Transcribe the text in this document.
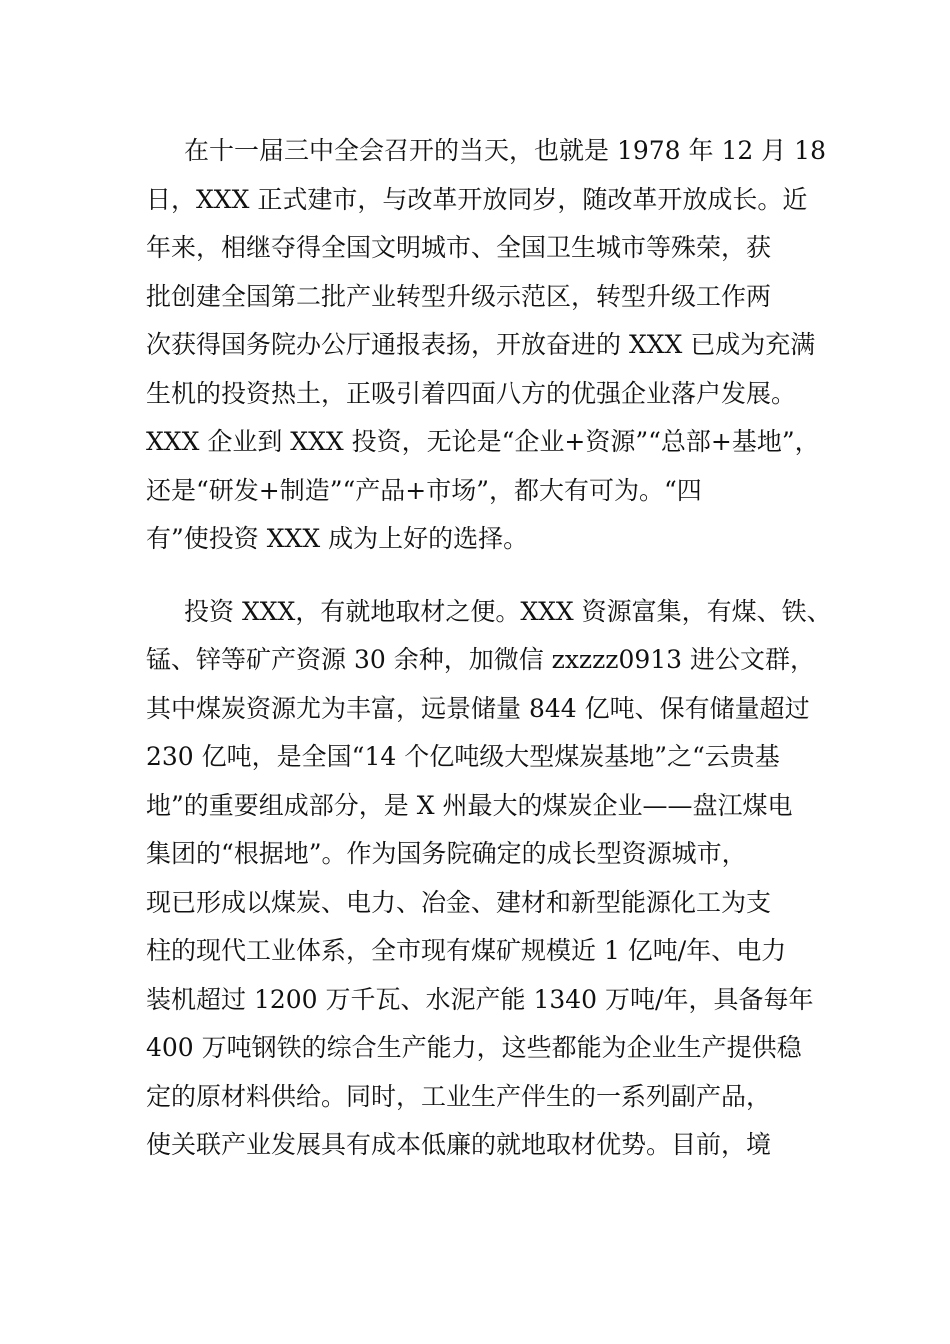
在十一届三中全会召开的当天，也就是 1978 年 12 月 18

日，XXX 正式建市，与改革开放同岁，随改革开放成长。近

年来，相继夺得全国文明城市、全国卫生城市等殊荣，获

批创建全国第二批产业转型升级示范区，转型升级工作两

次获得国务院办公厅通报表扬，开放奋进的 XXX 已成为充满

生机的投资热土，正吸引着四面八方的优强企业落户发展。

XXX 企业到 XXX 投资，无论是“企业+资源”“总部+基地”，

还是“研发+制造”“产品+市场”，都大有可为。“四

有”使投资 XXX 成为上好的选择。

投资 XXX，有就地取材之便。XXX 资源富集，有煤、铁、

锰、锌等矿产资源 30 余种，加微信 zxzzz0913 进公文群，

其中煤炭资源尤为丰富，远景储量 844 亿吨、保有储量超过

230 亿吨，是全国“14 个亿吨级大型煤炭基地”之“云贵基

地”的重要组成部分，是 X 州最大的煤炭企业——盘江煤电

集团的“根据地”。作为国务院确定的成长型资源城市，

现已形成以煤炭、电力、冶金、建材和新型能源化工为支

柱的现代工业体系，全市现有煤矿规模近 1 亿吨/年、电力

装机超过 1200 万千瓦、水泥产能 1340 万吨/年，具备每年

400 万吨钢铁的综合生产能力，这些都能为企业生产提供稳

定的原材料供给。同时，工业生产伴生的一系列副产品，

使关联产业发展具有成本低廉的就地取材优势。目前，境
